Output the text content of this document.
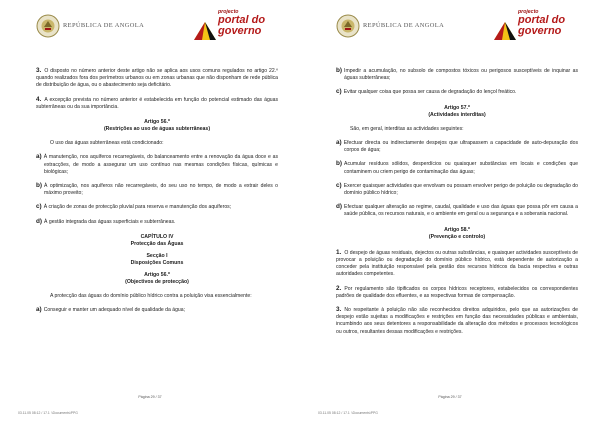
REPÚBLICA DE ANGOLA
projecto
portal do
governo

3. O disposto no número anterior deste artigo não se aplica aos usos comuns regulados no artigo 22.º quando realizados fora dos perímetros urbanos ou em zonas urbanas que não disponham de rede pública de distribuição de água, ou o abastecimento seja deficitário.

4. A excepção prevista no número anterior é estabelecida em função do potencial estimado das águas subterrâneas ou da sua importância.

Artigo 56.º
(Restrições ao uso de águas subterrâneas)

O uso das águas subterrâneas está condicionado:

a) À manutenção, nos aquíferos recarregáveis, do balanceamento entre a renovação da água doce e as extracções, de modo a assegurar um uso contínuo nas mesmas condições físicas, químicas e biológicas;

b) À optimização, nos aquíferos não recarregáveis, do seu uso no tempo, de modo a extrair deles o máximo proveito;

c) À criação de zonas de protecção pluvial para reserva e manutenção dos aquíferos;

d) À gestão integrada das águas superficiais e subterrâneas.

CAPÍTULO IV
Protecção das Águas
Secção I
Disposições Comuns
Artigo 56.º
(Objectivos de protecção)

A protecção das águas do domínio público hídrico contra a poluição visa essencialmente:

a) Conseguir e manter um adequado nível de qualidade da água;

Página 29 / 37
03.11.05 08:12 / 17.1 :\Documents\PPG
REPÚBLICA DE ANGOLA
projecto
portal do
governo

b) Impedir a acumulação, no subsolo de compostos tóxicos ou perigosos susceptíveis de inquinar as águas subterrâneas;

c) Evitar qualquer coisa que possa ser causa de degradação do lençol freático.

Artigo 57.º
(Actividades interditas)

São, em geral, interditas as actividades seguintes:

a) Efectuar directa ou indirectamente despejos que ultrapassem a capacidade de auto-depuração dos corpos de água;

b) Acumular resíduos sólidos, desperdícios ou quaisquer substâncias em locais e condições que contaminem ou criem perigo de contaminação das águas;

c) Exercer quaisquer actividades que envolvam ou possam envolver perigo de poluição ou degradação do domínio público hídrico;

d) Efectuar qualquer alteração ao regime, caudal, qualidade e uso das águas que possa pôr em causa a saúde pública, os recursos naturais, e o ambiente em geral ou a segurança e a soberania nacional.

Artigo 58.º
(Prevenção e controlo)

1. O despejo de águas residuais, dejectos ou outras substâncias, e quaisquer actividades susceptíveis de provocar a poluição ou degradação do domínio público hídrico, está dependente de autorização a conceder pela instituição responsável pela gestão dos recursos hídricos da bacia respectiva e outras autoridades competentes.

2. Por regulamento são tipificados os corpos hídricos receptores, estabelecidos os correspondentes padrões de qualidade dos efluentes, e as respectivas formas de compensação.

3. No respeitante à poluição não são reconhecidos direitos adquiridos, pelo que as autorizações de despejo estão sujeitas a modificações e restrições em função das necessidades públicas e ambientais, incumbindo aos seus detentores a responsabilidade da alteração dos métodos e processos tecnológicos ou outros, resultantes dessas modificações e restrições.

Página 29 / 37
03.11.05 08:12 / 17.1 :\Documents\PPG
